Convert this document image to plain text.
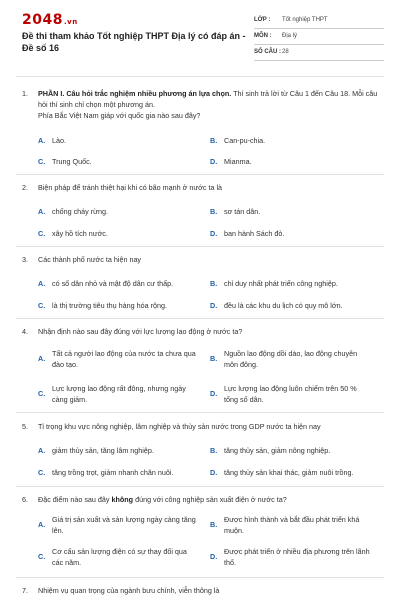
2048.vn
Đề thi tham khảo Tốt nghiệp THPT Địa lý có đáp án - Đề số 16
LỚP : Tốt nghiệp THPT
MÔN : Địa lý
SỐ CÂU : 28
1. PHẦN I. Câu hỏi trắc nghiệm nhiều phương án lựa chọn. Thí sinh trả lời từ Câu 1 đến Câu 18. Mỗi câu hỏi thí sinh chỉ chọn một phương án.
Phía Bắc Việt Nam giáp với quốc gia nào sau đây?
A. Lào.	B. Can-pu-chia.
C. Trung Quốc.	D. Mianma.
2. Biện pháp để tránh thiệt hại khi có bão mạnh ở nước ta là
A. chống cháy rừng.	B. sơ tán dân.
C. xây hồ tích nước.	D. ban hành Sách đỏ.
3. Các thành phố nước ta hiện nay
A. có số dân nhỏ và mật độ dân cư thấp.	B. chỉ duy nhất phát triển công nghiệp.
C. là thị trường tiêu thụ hàng hóa rộng.	D. đều là các khu du lịch có quy mô lớn.
4. Nhận định nào sau đây đúng với lực lượng lao động ở nước ta?
A.
Tất cả người lao động của nước ta chưa qua đào tạo.
B.
Nguồn lao động dồi dào, lao động chuyên môn đông.
C.
Lực lượng lao động rất đông, nhưng ngày càng giảm.
D.
Lực lượng lao động luôn chiếm trên 50 % tổng số dân.
5. Tỉ trọng khu vực nông nghiệp, lâm nghiệp và thủy sản nước trong GDP nước ta hiện nay
A. giảm thủy sản, tăng lâm nghiệp.	B. tăng thủy sản, giảm nông nghiệp.
C. tăng trồng trọt, giảm nhanh chăn nuôi.	D. tăng thủy sản khai thác, giảm nuôi trồng.
6. Đặc điểm nào sau đây không đúng với công nghiệp sản xuất điện ở nước ta?
A.
Giá trị sản xuất và sản lượng ngày càng tăng lên.
B.
Được hình thành và bắt đầu phát triển khá muộn.
C.
Cơ cấu sản lượng điện có sự thay đổi qua các năm.
D.
Được phát triển ở nhiều địa phương trên lãnh thổ.
7. Nhiệm vụ quan trọng của ngành bưu chính, viễn thông là
